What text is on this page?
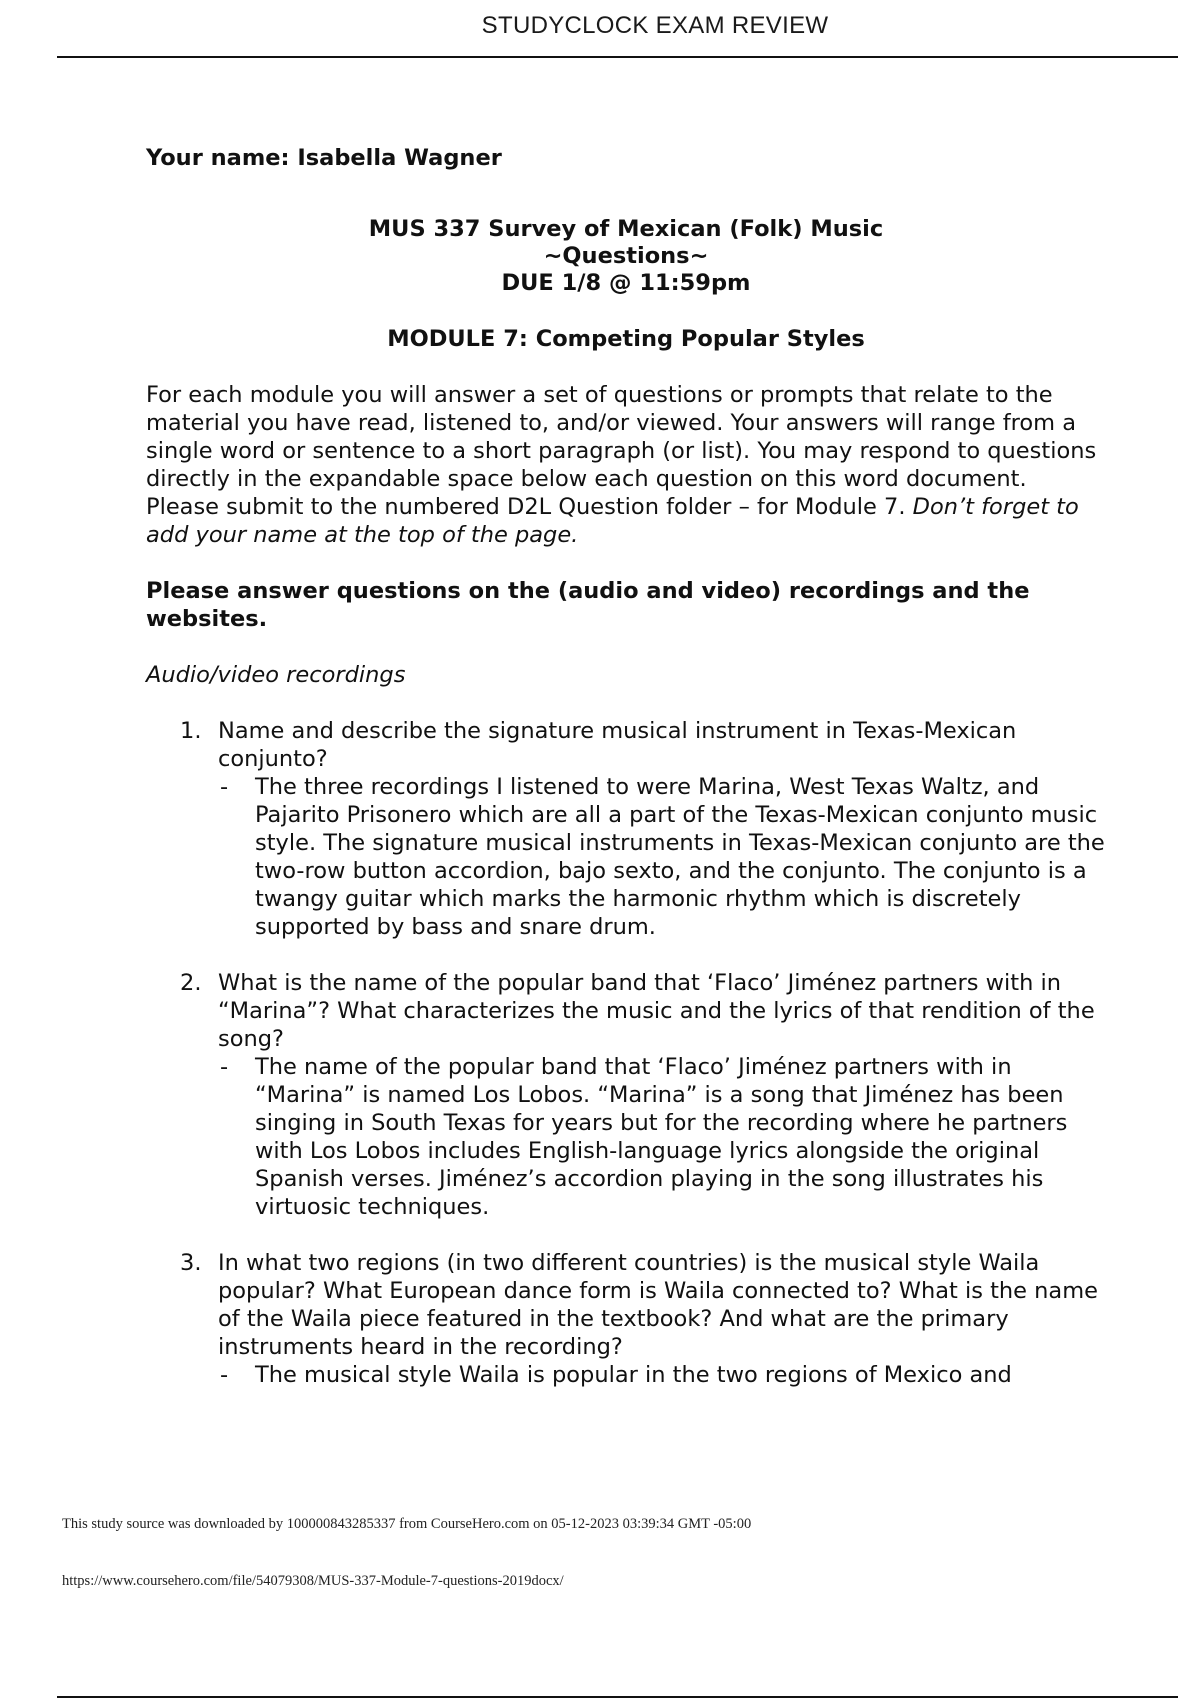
STUDYCLOCK EXAM REVIEW
Your name: Isabella Wagner
MUS 337 Survey of Mexican (Folk) Music
~Questions~
DUE 1/8 @ 11:59pm
MODULE 7: Competing Popular Styles
For each module you will answer a set of questions or prompts that relate to the material you have read, listened to, and/or viewed. Your answers will range from a single word or sentence to a short paragraph (or list). You may respond to questions directly in the expandable space below each question on this word document. Please submit to the numbered D2L Question folder – for Module 7. Don’t forget to add your name at the top of the page.
Please answer questions on the (audio and video) recordings and the websites.
Audio/video recordings
1. Name and describe the signature musical instrument in Texas-Mexican conjunto?
- The three recordings I listened to were Marina, West Texas Waltz, and Pajarito Prisonero which are all a part of the Texas-Mexican conjunto music style. The signature musical instruments in Texas-Mexican conjunto are the two-row button accordion, bajo sexto, and the conjunto. The conjunto is a twangy guitar which marks the harmonic rhythm which is discretely supported by bass and snare drum.
2. What is the name of the popular band that ‘Flaco’ Jiménez partners with in “Marina”? What characterizes the music and the lyrics of that rendition of the song?
- The name of the popular band that ‘Flaco’ Jiménez partners with in “Marina” is named Los Lobos. “Marina” is a song that Jiménez has been singing in South Texas for years but for the recording where he partners with Los Lobos includes English-language lyrics alongside the original Spanish verses. Jiménez’s accordion playing in the song illustrates his virtuosic techniques.
3. In what two regions (in two different countries) is the musical style Waila popular? What European dance form is Waila connected to? What is the name of the Waila piece featured in the textbook? And what are the primary instruments heard in the recording?
- The musical style Waila is popular in the two regions of Mexico and
This study source was downloaded by 100000843285337 from CourseHero.com on 05-12-2023 03:39:34 GMT -05:00
https://www.coursehero.com/file/54079308/MUS-337-Module-7-questions-2019docx/
